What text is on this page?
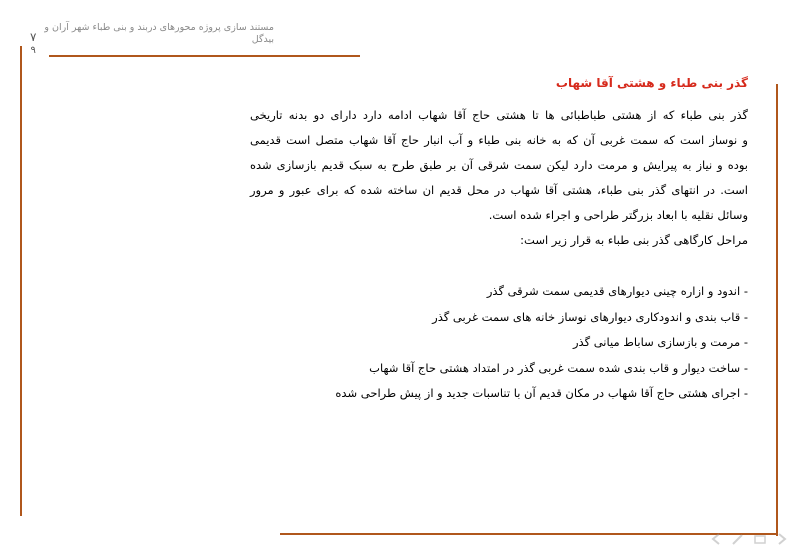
مستند سازی پروژه محورهای دربند و بنی طباء شهر آران و بیدگل
۷
۹
گذر بنی طباء و هشتی آقا شهاب

گذر بنی طباء که از هشتی طباطبائی ها تا هشتی حاج آقا شهاب ادامه دارد دارای دو بدنه تاریخی
و نوساز است که سمت غربی آن که به خانه بنی طباء و آب انبار حاج آقا شهاب متصل است قدیمی
بوده و نیاز به پیرایش و مرمت دارد لیکن سمت شرقی آن بر طبق طرح به سبک قدیم بازسازی شده
است. در انتهای گذر بنی طباء، هشتی آقا شهاب در محل قدیم ان ساخته شده که برای عبور و مرور
وسائل نقلیه با ابعاد بزرگتر طراحی و اجراء شده است.
مراحل کارگاهی گذر بنی طباء به قرار زیر است:

- اندود و ازاره چینی دیوارهای قدیمی سمت شرقی گذر
- قاب بندی و اندودکاری دیوارهای نوساز خانه های سمت غربی گذر
- مرمت و بازسازی ساباط میانی گذر
- ساخت دیوار و قاب بندی شده سمت غربی گذر در امتداد هشتی حاج آقا شهاب
- اجرای هشتی حاج آقا شهاب در مکان قدیم آن با تناسبات جدید و از پیش طراحی شده
